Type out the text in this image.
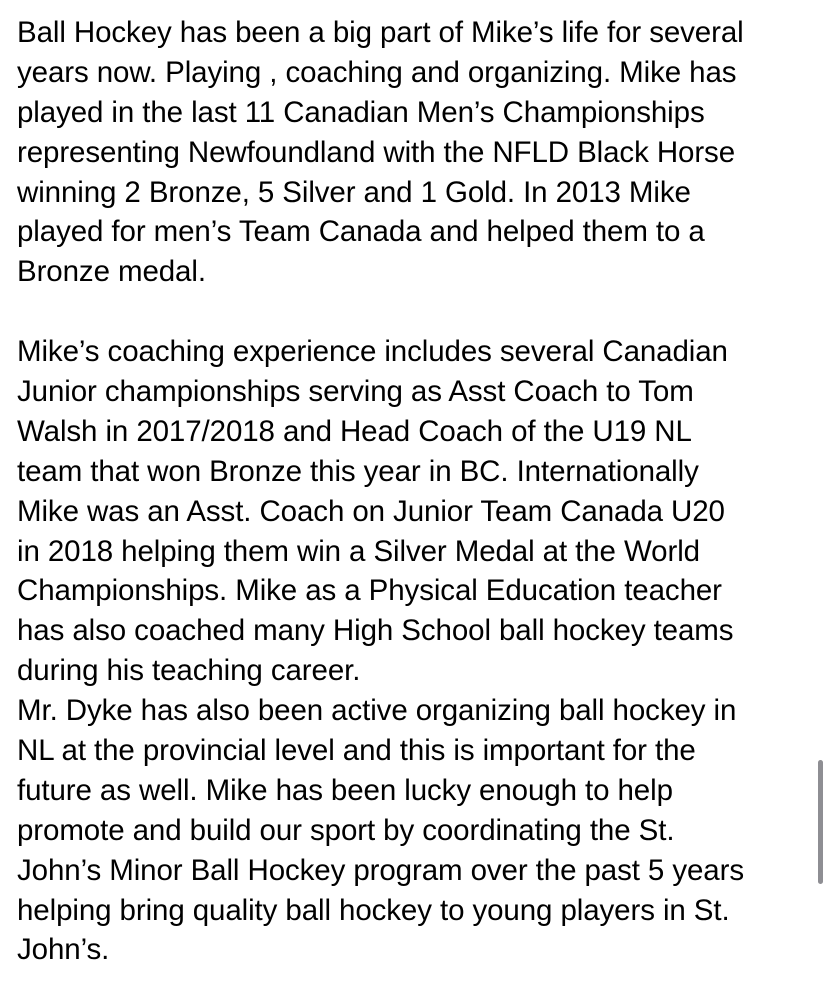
Ball Hockey has been a big part of Mike’s life for several
years now. Playing , coaching and organizing. Mike has
played in the last 11 Canadian Men’s Championships
representing Newfoundland with the NFLD Black Horse
winning 2 Bronze, 5 Silver and 1 Gold. In 2013 Mike
played for men’s Team Canada and helped them to a
Bronze medal.
Mike’s coaching experience includes several Canadian
Junior championships serving as Asst Coach to Tom
Walsh in 2017/2018 and Head Coach of the U19 NL
team that won Bronze this year in BC. Internationally
Mike was an Asst. Coach on Junior Team Canada U20
in 2018 helping them win a Silver Medal at the World
Championships. Mike as a Physical Education teacher
has also coached many High School ball hockey teams
during his teaching career.
Mr. Dyke has also been active organizing ball hockey in
NL at the provincial level and this is important for the
future as well. Mike has been lucky enough to help
promote and build our sport by coordinating the St.
John’s Minor Ball Hockey program over the past 5 years
helping bring quality ball hockey to young players in St.
John’s.
